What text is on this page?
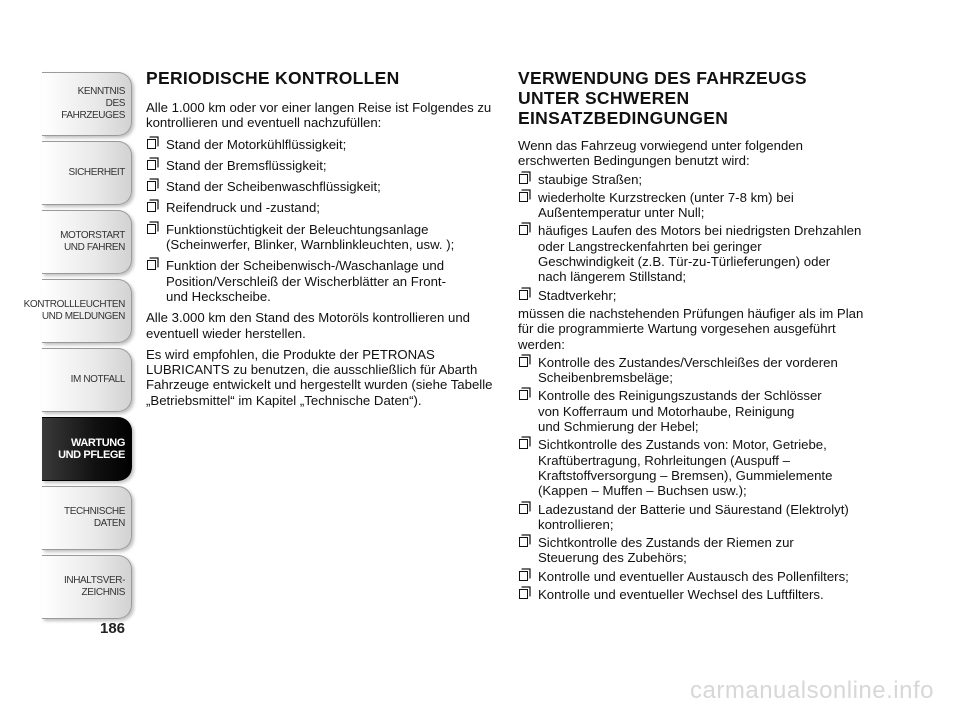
KENNTNIS
DES FAHRZEUGES
SICHERHEIT
MOTORSTART
UND FAHREN
KONTROLLLEUCHTEN
UND MELDUNGEN
IM NOTFALL
WARTUNG
UND PFLEGE
TECHNISCHE
DATEN
INHALTSVER-
ZEICHNIS
186
PERIODISCHE KONTROLLEN

Alle 1.000 km oder vor einer langen Reise ist Folgendes zu kontrollieren und eventuell nachzufüllen:

Stand der Motorkühlflüssigkeit;
Stand der Bremsflüssigkeit;
Stand der Scheibenwaschflüssigkeit;
Reifendruck und -zustand;
Funktionstüchtigkeit der Beleuchtungsanlage
(Scheinwerfer, Blinker, Warnblinkleuchten, usw. );
Funktion der Scheibenwisch-/Waschanlage und
Position/Verschleiß der Wischerblätter an Front-
und Heckscheibe.

Alle 3.000 km den Stand des Motoröls kontrollieren und eventuell wieder herstellen.

Es wird empfohlen, die Produkte der PETRONAS LUBRICANTS zu benutzen, die ausschließlich für Abarth Fahrzeuge entwickelt und hergestellt wurden (siehe Tabelle „Betriebsmittel“ im Kapitel „Technische Daten“).

VERWENDUNG DES FAHRZEUGS
UNTER SCHWEREN
EINSATZBEDINGUNGEN

Wenn das Fahrzeug vorwiegend unter folgenden erschwerten Bedingungen benutzt wird:

staubige Straßen;
wiederholte Kurzstrecken (unter 7-8 km) bei
Außentemperatur unter Null;
häufiges Laufen des Motors bei niedrigsten Drehzahlen
oder Langstreckenfahrten bei geringer
Geschwindigkeit (z.B. Tür-zu-Türlieferungen) oder
nach längerem Stillstand;
Stadtverkehr;

müssen die nachstehenden Prüfungen häufiger als im Plan für die programmierte Wartung vorgesehen ausgeführt werden:

Kontrolle des Zustandes/Verschleißes der vorderen
Scheibenbremsbeläge;
Kontrolle des Reinigungszustands der Schlösser
von Kofferraum und Motorhaube, Reinigung
und Schmierung der Hebel;
Sichtkontrolle des Zustands von: Motor, Getriebe,
Kraftübertragung, Rohrleitungen (Auspuff –
Kraftstoffversorgung – Bremsen), Gummielemente
(Kappen – Muffen – Buchsen usw.);
Ladezustand der Batterie und Säurestand (Elektrolyt)
kontrollieren;
Sichtkontrolle des Zustands der Riemen zur
Steuerung des Zubehörs;
Kontrolle und eventueller Austausch des Pollenfilters;
Kontrolle und eventueller Wechsel des Luftfilters.
carmanualsonline.info
